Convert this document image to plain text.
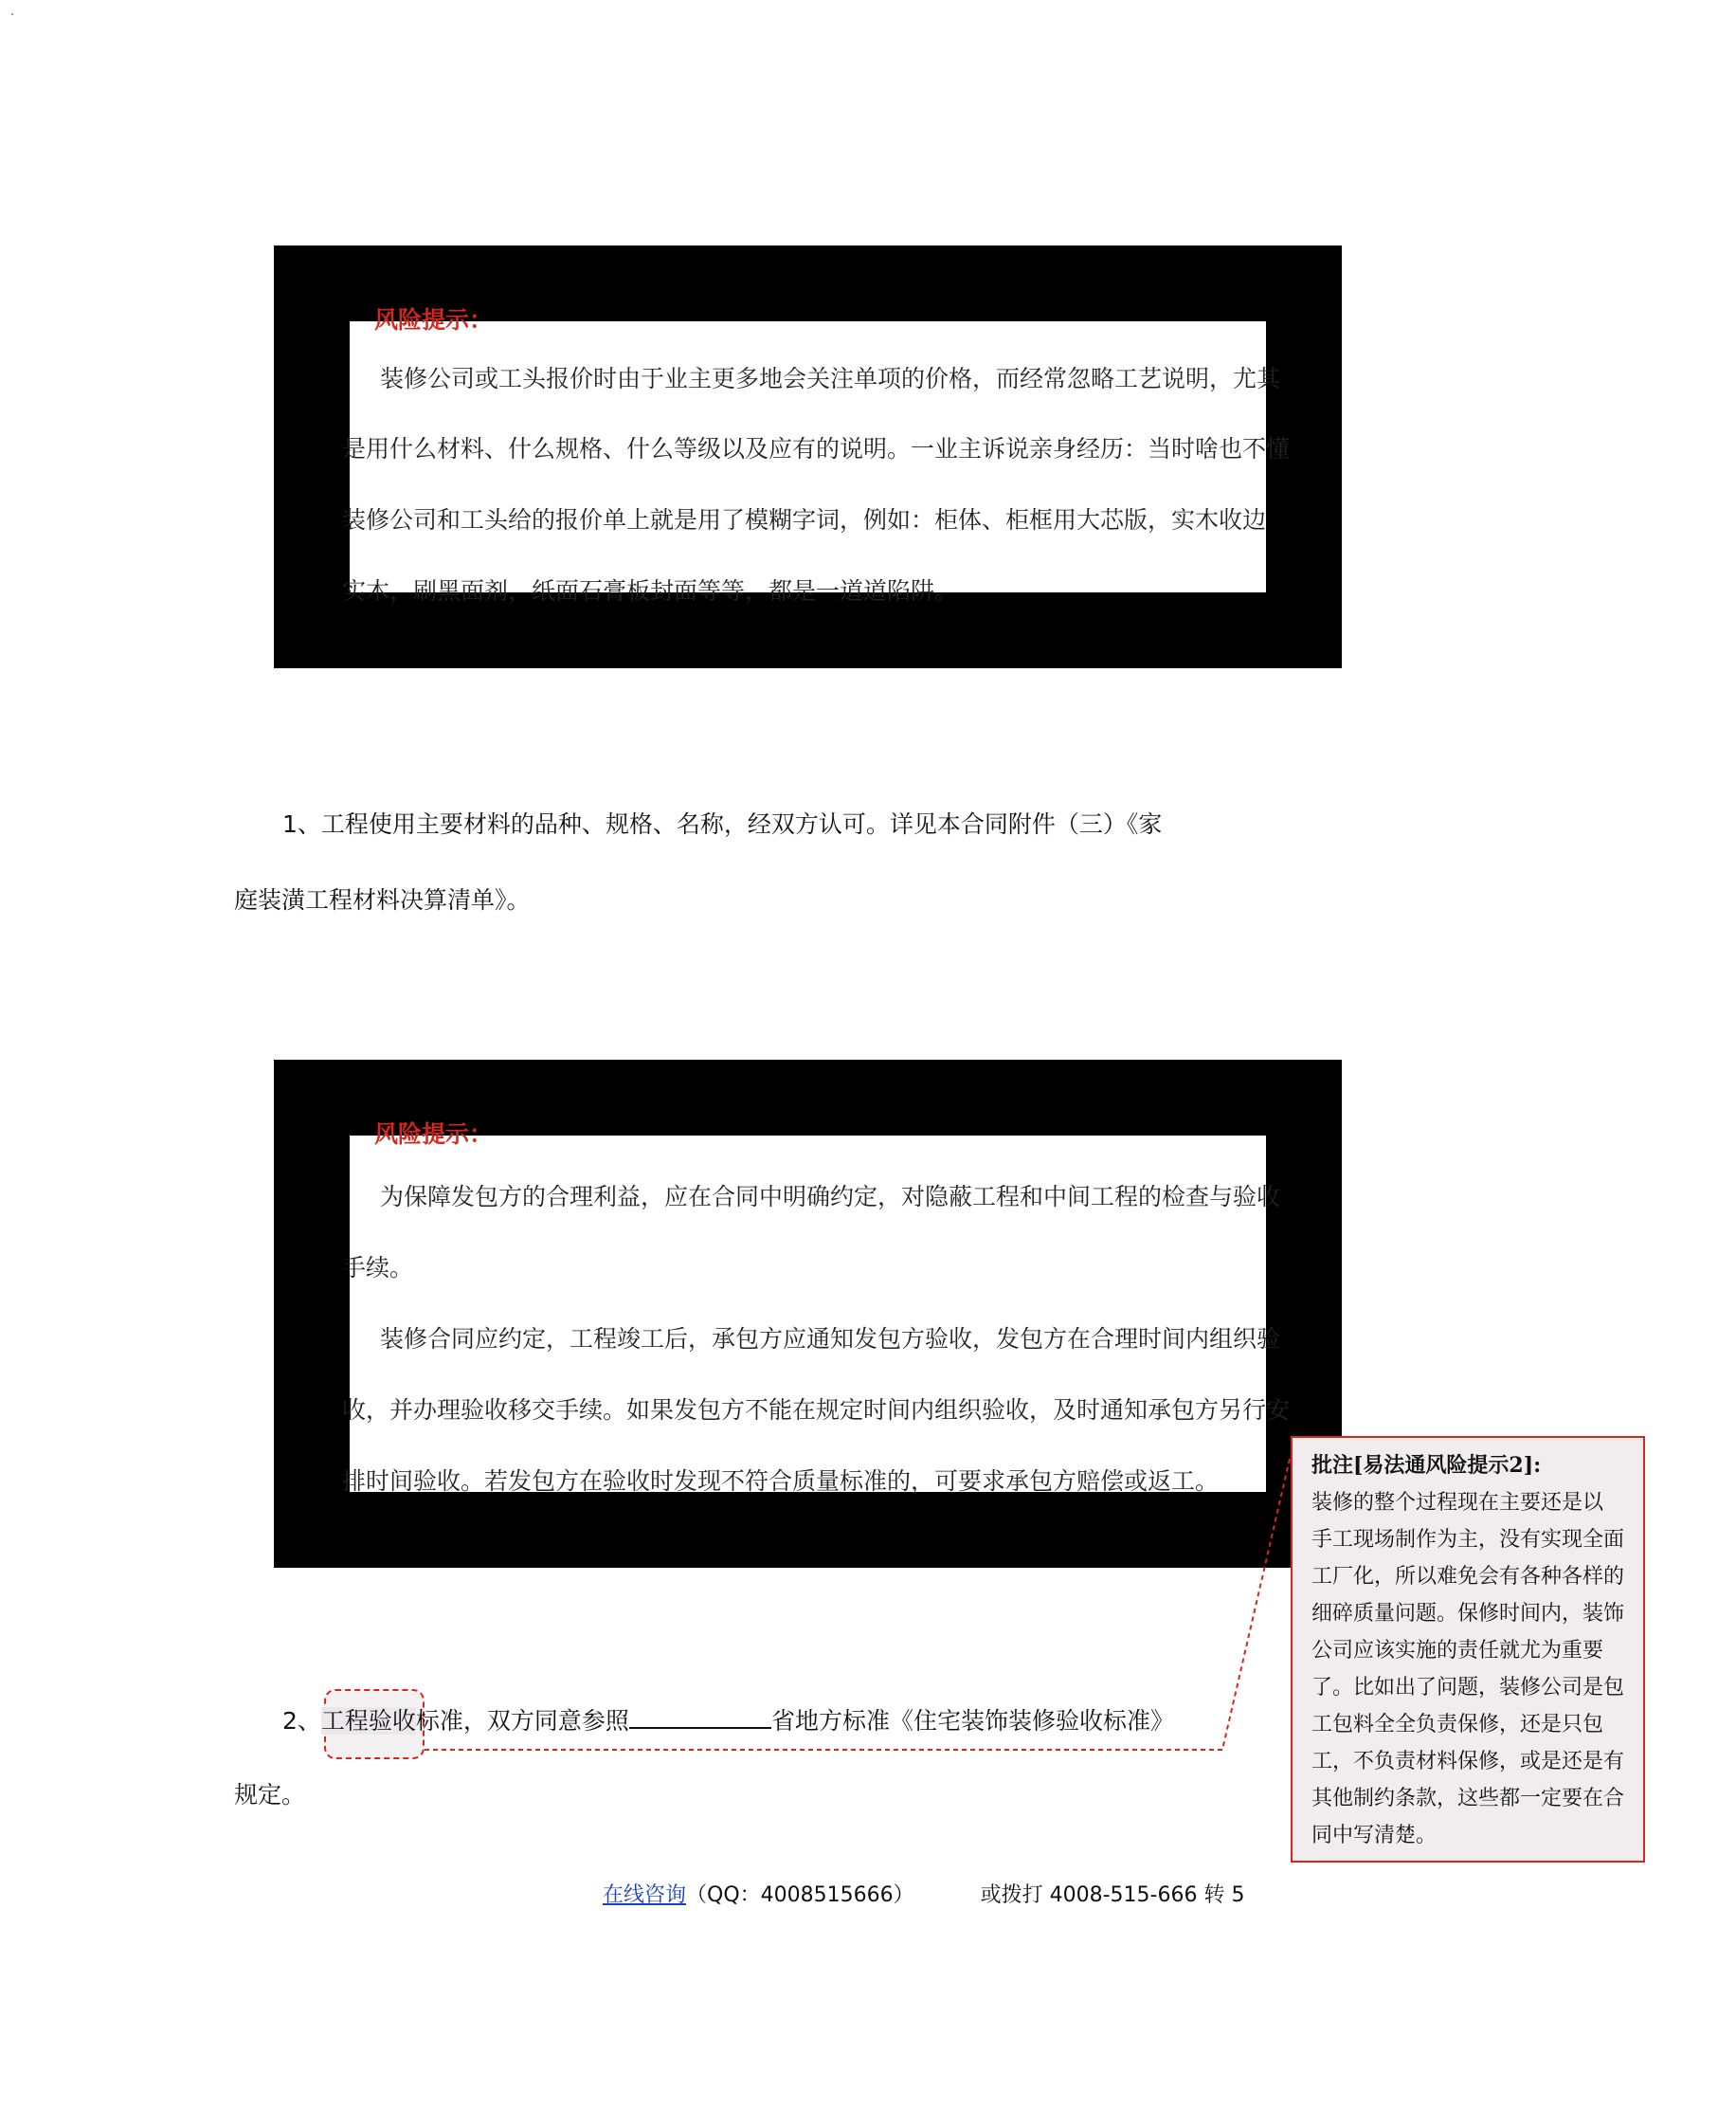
风险提示：
装修公司或工头报价时由于业主更多地会关注单项的价格，而经常忽略工艺说明，尤其
是用什么材料、什么规格、什么等级以及应有的说明。一业主诉说亲身经历：当时啥也不懂
装修公司和工头给的报价单上就是用了模糊字词，例如：柜体、柜框用大芯版，实木收边
实木，刷黑面剂，纸面石膏板封面等等，都是一道道陷阱。
1、工程使用主要材料的品种、规格、名称，经双方认可。详见本合同附件（三）《家
庭装潢工程材料决算清单》。
风险提示：
为保障发包方的合理利益，应在合同中明确约定，对隐蔽工程和中间工程的检查与验收
手续。
装修合同应约定，工程竣工后，承包方应通知发包方验收，发包方在合理时间内组织验
收，并办理验收移交手续。如果发包方不能在规定时间内组织验收，及时通知承包方另行安
排时间验收。若发包方在验收时发现不符合质量标准的，可要求承包方赔偿或返工。
2、工程验收标准，双方同意参照	省地方标准《住宅装饰装修验收标准》
规定。
批注[易法通风险提示2]:
装修的整个过程现在主要还是以
手工现场制作为主，没有实现全面
工厂化，所以难免会有各种各样的
细碎质量问题。保修时间内，装饰
公司应该实施的责任就尤为重要
了。比如出了问题，装修公司是包
工包料全全负责保修，还是只包
工，不负责材料保修，或是还是有
其他制约条款，这些都一定要在合
同中写清楚。
在线咨询（QQ：4008515666）	或拨打 4008-515-666 转 5
